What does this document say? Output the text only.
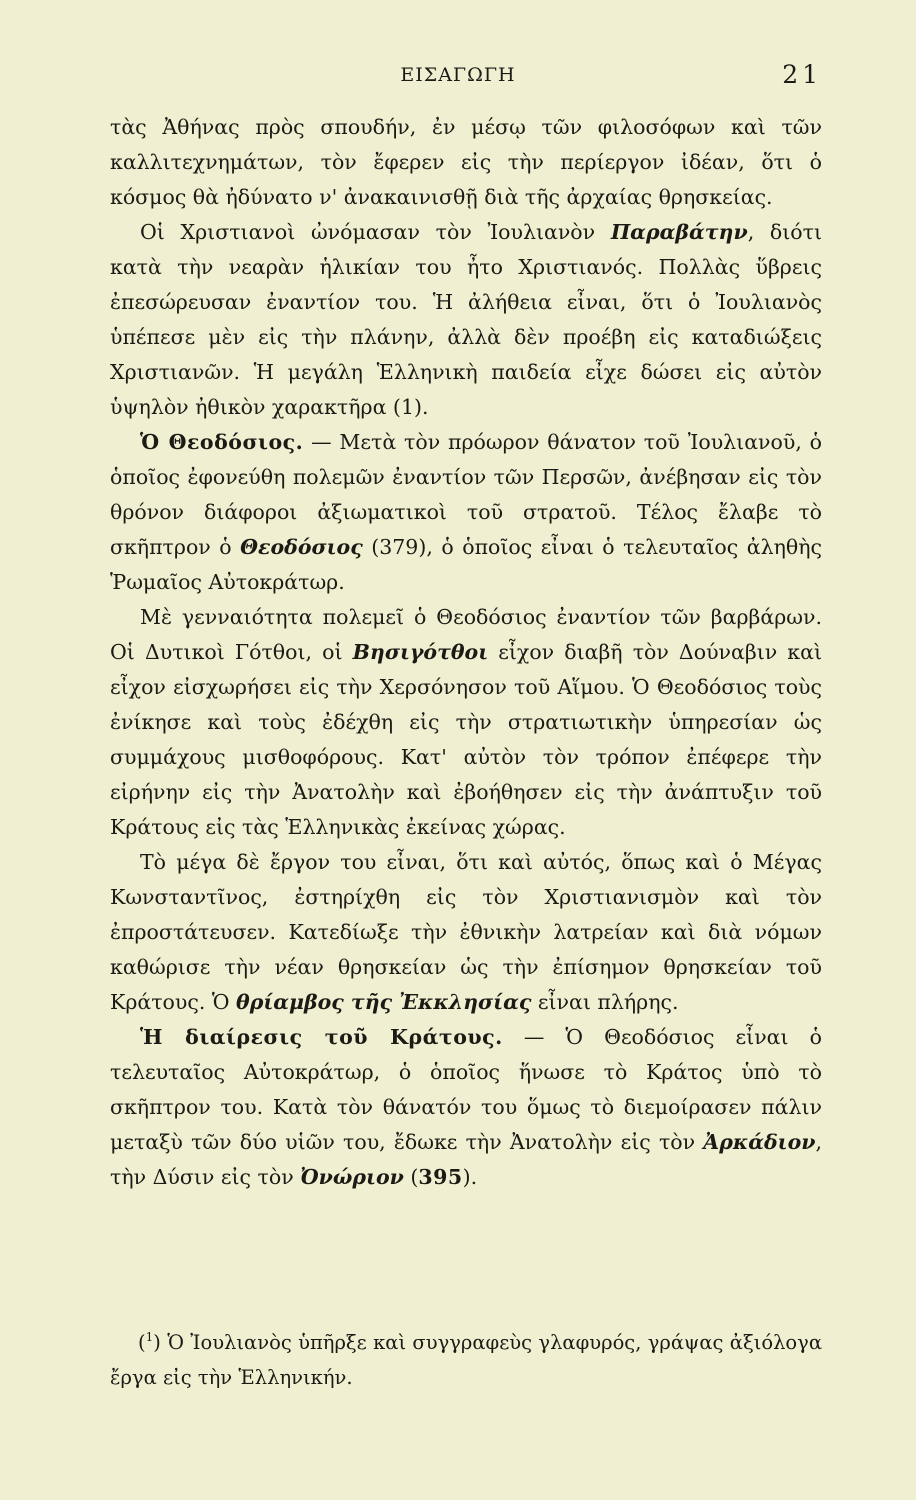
ΕΙΣΑΓΩΓΗ	21

τὰς Ἀθήνας πρὸς σπουδήν, ἐν μέσῳ τῶν φιλοσόφων καὶ τῶν καλλιτεχνημάτων, τὸν ἔφερεν εἰς τὴν περίεργον ἰδέαν, ὅτι ὁ κόσμος θὰ ἠδύνατο ν' ἀνακαινισθῇ διὰ τῆς ἀρχαίας θρησκείας.

Οἱ Χριστιανοὶ ὠνόμασαν τὸν Ἰουλιανὸν Παραβάτην, διότι κατὰ τὴν νεαρὰν ἡλικίαν του ἦτο Χριστιανός. Πολλὰς ὕβρεις ἐπεσώρευσαν ἐναντίον του. Ἡ ἀλήθεια εἶναι, ὅτι ὁ Ἰουλιανὸς ὑπέπεσε μὲν εἰς τὴν πλάνην, ἀλλὰ δὲν προέβη εἰς καταδιώξεις Χριστιανῶν. Ἡ μεγάλη Ἑλληνικὴ παιδεία εἶχε δώσει εἰς αὐτὸν ὑψηλὸν ἠθικὸν χαρακτῆρα (1).

Ὁ Θεοδόσιος. — Μετὰ τὸν πρόωρον θάνατον τοῦ Ἰουλιανοῦ, ὁ ὁποῖος ἐφονεύθη πολεμῶν ἐναντίον τῶν Περσῶν, ἀνέβησαν εἰς τὸν θρόνον διάφοροι ἀξιωματικοὶ τοῦ στρατοῦ. Τέλος ἔλαβε τὸ σκῆπτρον ὁ Θεοδόσιος (379), ὁ ὁποῖος εἶναι ὁ τελευταῖος ἀληθὴς Ῥωμαῖος Αὐτοκράτωρ.

Μὲ γενναιότητα πολεμεῖ ὁ Θεοδόσιος ἐναντίον τῶν βαρβάρων. Οἱ Δυτικοὶ Γότθοι, οἱ Βησιγότθοι εἶχον διαβῆ τὸν Δούναβιν καὶ εἶχον εἰσχωρήσει εἰς τὴν Χερσόνησον τοῦ Αἵμου. Ὁ Θεοδόσιος τοὺς ἐνίκησε καὶ τοὺς ἐδέχθη εἰς τὴν στρατιωτικὴν ὑπηρεσίαν ὡς συμμάχους μισθοφόρους. Κατ' αὐτὸν τὸν τρόπον ἐπέφερε τὴν εἰρήνην εἰς τὴν Ἀνατολὴν καὶ ἐβοήθησεν εἰς τὴν ἀνάπτυξιν τοῦ Κράτους εἰς τὰς Ἑλληνικὰς ἐκείνας χώρας.

Τὸ μέγα δὲ ἔργον του εἶναι, ὅτι καὶ αὐτός, ὅπως καὶ ὁ Μέγας Κωνσταντῖνος, ἐστηρίχθη εἰς τὸν Χριστιανισμὸν καὶ τὸν ἐπροστάτευσεν. Κατεδίωξε τὴν ἐθνικὴν λατρείαν καὶ διὰ νόμων καθώρισε τὴν νέαν θρησκείαν ὡς τὴν ἐπίσημον θρησκείαν τοῦ Κράτους. Ὁ θρίαμβος τῆς Ἐκκλησίας εἶναι πλήρης.

Ἡ διαίρεσις τοῦ Κράτους. — Ὁ Θεοδόσιος εἶναι ὁ τελευταῖος Αὐτοκράτωρ, ὁ ὁποῖος ἥνωσε τὸ Κράτος ὑπὸ τὸ σκῆπτρον του. Κατὰ τὸν θάνατόν του ὅμως τὸ διεμοίρασεν πάλιν μεταξὺ τῶν δύο υἱῶν του, ἔδωκε τὴν Ἀνατολὴν εἰς τὸν Ἀρκάδιον, τὴν Δύσιν εἰς τὸν Ὀνώριον (395).

($^1$) Ὁ Ἰουλιανὸς ὑπῆρξε καὶ συγγραφεὺς γλαφυρός, γράψας ἀξιόλογα ἔργα εἰς τὴν Ἑλληνικήν.
